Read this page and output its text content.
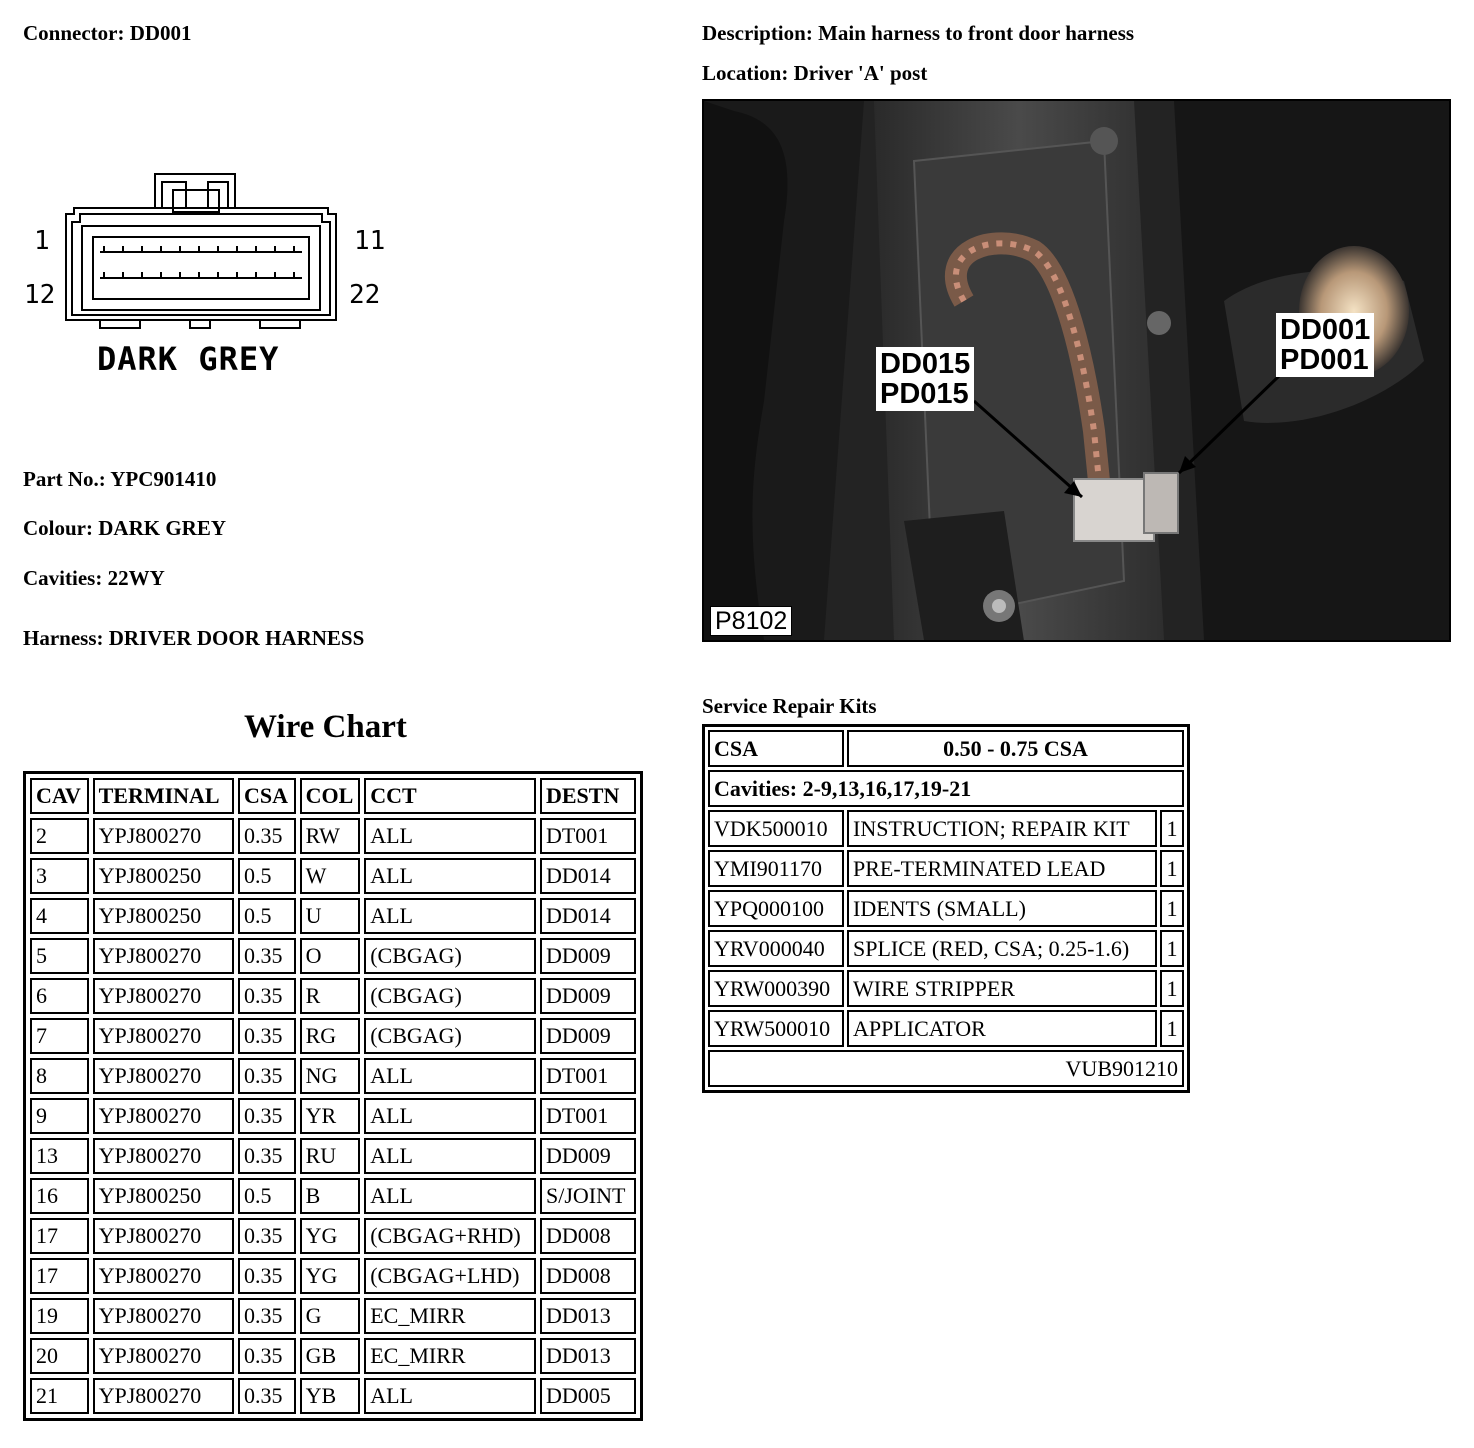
Connector: DD001	Description: Main harness to front door harness
Location: Driver 'A' post
1
12
11
22
DARK GREY
Part No.: YPC901410
Colour: DARK GREY
Cavities: 22WY
Harness: DRIVER DOOR HARNESS
Wire Chart
CAV	TERMINAL	CSA	COL	CCT	DESTN
2	YPJ800270	0.35	RW	ALL	DT001
3	YPJ800250	0.5	W	ALL	DD014
4	YPJ800250	0.5	U	ALL	DD014
5	YPJ800270	0.35	O	(CBGAG)	DD009
6	YPJ800270	0.35	R	(CBGAG)	DD009
7	YPJ800270	0.35	RG	(CBGAG)	DD009
8	YPJ800270	0.35	NG	ALL	DT001
9	YPJ800270	0.35	YR	ALL	DT001
13	YPJ800270	0.35	RU	ALL	DD009
16	YPJ800250	0.5	B	ALL	S/JOINT
17	YPJ800270	0.35	YG	(CBGAG+RHD)	DD008
17	YPJ800270	0.35	YG	(CBGAG+LHD)	DD008
19	YPJ800270	0.35	G	EC_MIRR	DD013
20	YPJ800270	0.35	GB	EC_MIRR	DD013
21	YPJ800270	0.35	YB	ALL	DD005
DD015
PD015
DD001
PD001
P8102
Service Repair Kits
CSA	0.50 - 0.75 CSA	
Cavities: 2-9,13,16,17,19-21		
VDK500010	INSTRUCTION; REPAIR KIT	1
YMI901170	PRE-TERMINATED LEAD	1
YPQ000100	IDENTS (SMALL)	1
YRV000040	SPLICE (RED, CSA; 0.25-1.6)	1
YRW000390	WIRE STRIPPER	1
YRW500010	APPLICATOR	1
VUB901210		
